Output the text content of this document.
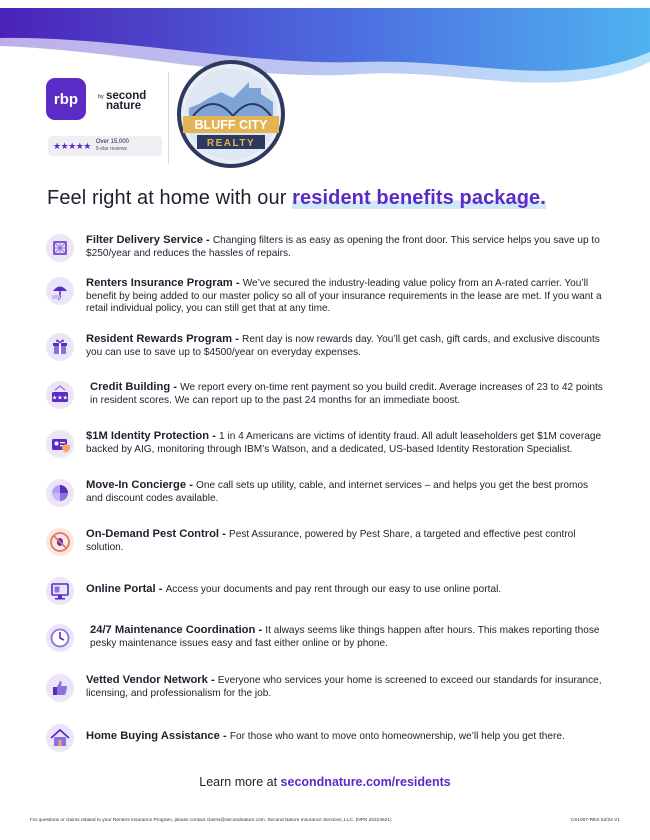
rbp	by second
nature
★★★★★ Over 15,000
5-star reviews
BLUFF CITY
REALTY
Feel right at home with our resident benefits package.
Filter Delivery Service - Changing filters is as easy as opening the front door. This service helps you save up to $250/year and reduces the hassles of repairs.
Renters Insurance Program - We’ve secured the industry-leading value policy from an A-rated carrier. You’ll benefit by being added to our master policy so all of your insurance requirements in the lease are met. If you want a retail individual policy, you can still get that at any time.
Resident Rewards Program - Rent day is now rewards day. You’ll get cash, gift cards, and exclusive discounts you can use to save up to $4500/year on everyday expenses.
★★★
Credit Building - We report every on-time rent payment so you build credit. Average increases of 23 to 42 points in resident scores. We can report up to the past 24 months for an immediate boost.
$1M Identity Protection - 1 in 4 Americans are victims of identity fraud. All adult leaseholders get $1M coverage backed by AIG, monitoring through IBM’s Watson, and a dedicated, US-based Identity Restoration Specialist.
Move-In Concierge - One call sets up utility, cable, and internet services – and helps you get the best promos and discount codes available.
On-Demand Pest Control - Pest Assurance, powered by Pest Share, a targeted and effective pest control solution.
Online Portal - Access your documents and pay rent through our easy to use online portal.
24/7 Maintenance Coordination - It always seems like things happen after hours. This makes reporting those pesky maintenance issues easy and fast either online or by phone.
Vetted Vendor Network - Everyone who services your home is screened to exceed our standards for insurance, licensing, and professionalism for the job.
Home Buying Assistance - For those who want to move onto homeownership, we’ll help you get there.
Learn more at secondnature.com/residents
For questions or claims related to your Renters Insurance Program, please contact claims@secondnature.com. Second Nature Insurance Services, LLC. (NPN 20224621)	CS1007-RES 02/24 V1
